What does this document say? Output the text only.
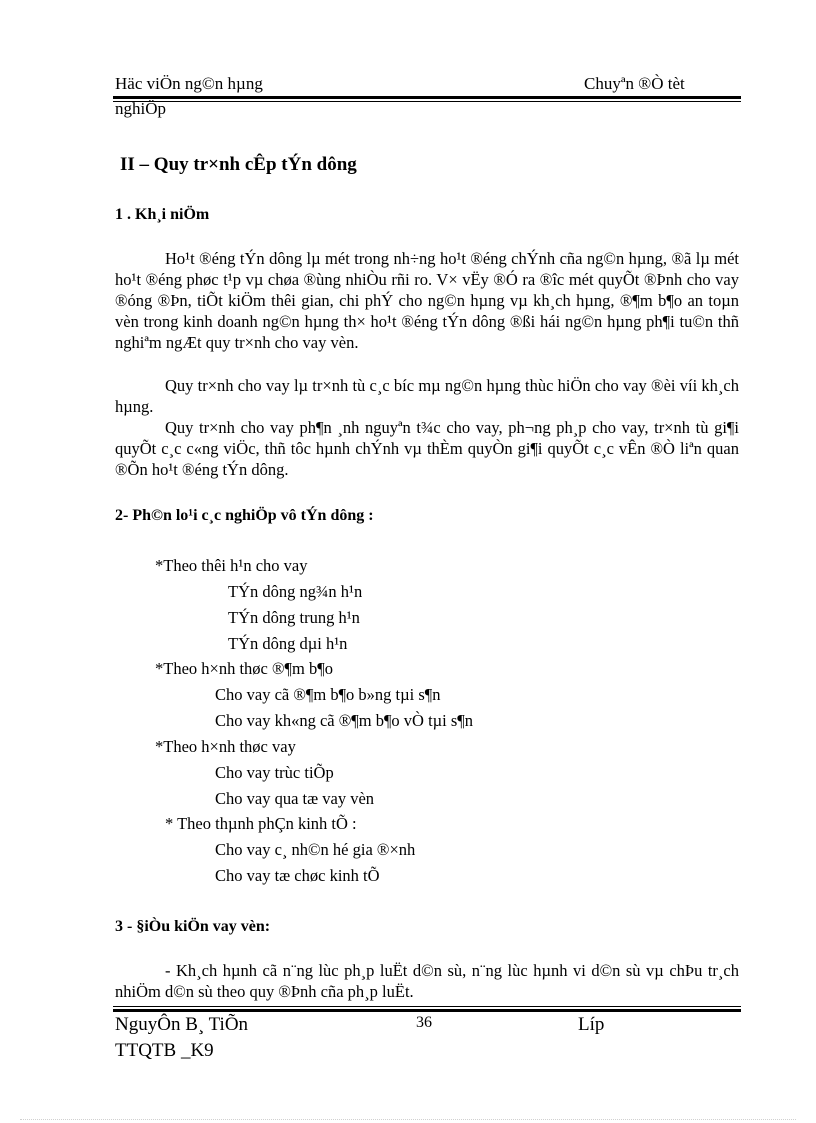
Häc viÖn ng©n hµng	Chuyªn ®Ò tèt
nghiÖp
II – Quy tr×nh cÊp tÝn dông
1 . Kh¸i niÖm
Ho¹t ®éng tÝn dông lµ mét trong nh÷ng ho¹t ®éng chÝnh cña ng©n hµng, ®ã lµ mét ho¹t ®éng phøc t¹p vµ chøa ®ùng nhiÒu rñi ro. V× vËy ®Ó ra ®îc mét quyÕt ®Þnh cho vay ®óng ®Þn, tiÕt kiÖm thêi gian, chi phÝ cho ng©n hµng vµ kh¸ch hµng, ®¶m b¶o an toµn vèn trong kinh doanh ng©n hµng th× ho¹t ®éng tÝn dông ®ßi hái ng©n hµng ph¶i tu©n thñ nghiªm ngÆt quy tr×nh cho vay vèn.
Quy tr×nh cho vay lµ tr×nh tù c¸c bíc mµ ng©n hµng thùc hiÖn cho vay ®èi víi kh¸ch hµng.
Quy tr×nh cho vay ph¶n ¸nh nguyªn t¾c cho vay, ph¬ng ph¸p cho vay, tr×nh tù gi¶i quyÕt c¸c c«ng viÖc, thñ tôc hµnh chÝnh vµ thÈm quyÒn gi¶i quyÕt c¸c vÊn ®Ò liªn quan ®Õn ho¹t ®éng tÝn dông.
2- Ph©n lo¹i c¸c nghiÖp vô tÝn dông :
*Theo thêi h¹n cho vay
TÝn dông ng¾n h¹n
TÝn dông trung h¹n
TÝn dông dµi h¹n
*Theo h×nh thøc ®¶m b¶o
Cho vay cã ®¶m b¶o b»ng tµi s¶n
Cho vay kh«ng cã ®¶m b¶o vÒ tµi s¶n
*Theo h×nh thøc vay
Cho vay trùc tiÕp
Cho vay qua tæ vay vèn
* Theo thµnh phÇn kinh tÕ :
Cho vay c¸ nh©n hé gia ®×nh
Cho vay tæ chøc kinh tÕ
3 - §iÒu kiÖn vay vèn:
- Kh¸ch hµnh cã n¨ng lùc ph¸p luËt d©n sù, n¨ng lùc hµnh vi d©n sù vµ chÞu tr¸ch nhiÖm d©n sù theo quy ®Þnh cña ph¸p luËt.
NguyÔn B¸ TiÕn	36	Líp
TTQTB _K9
